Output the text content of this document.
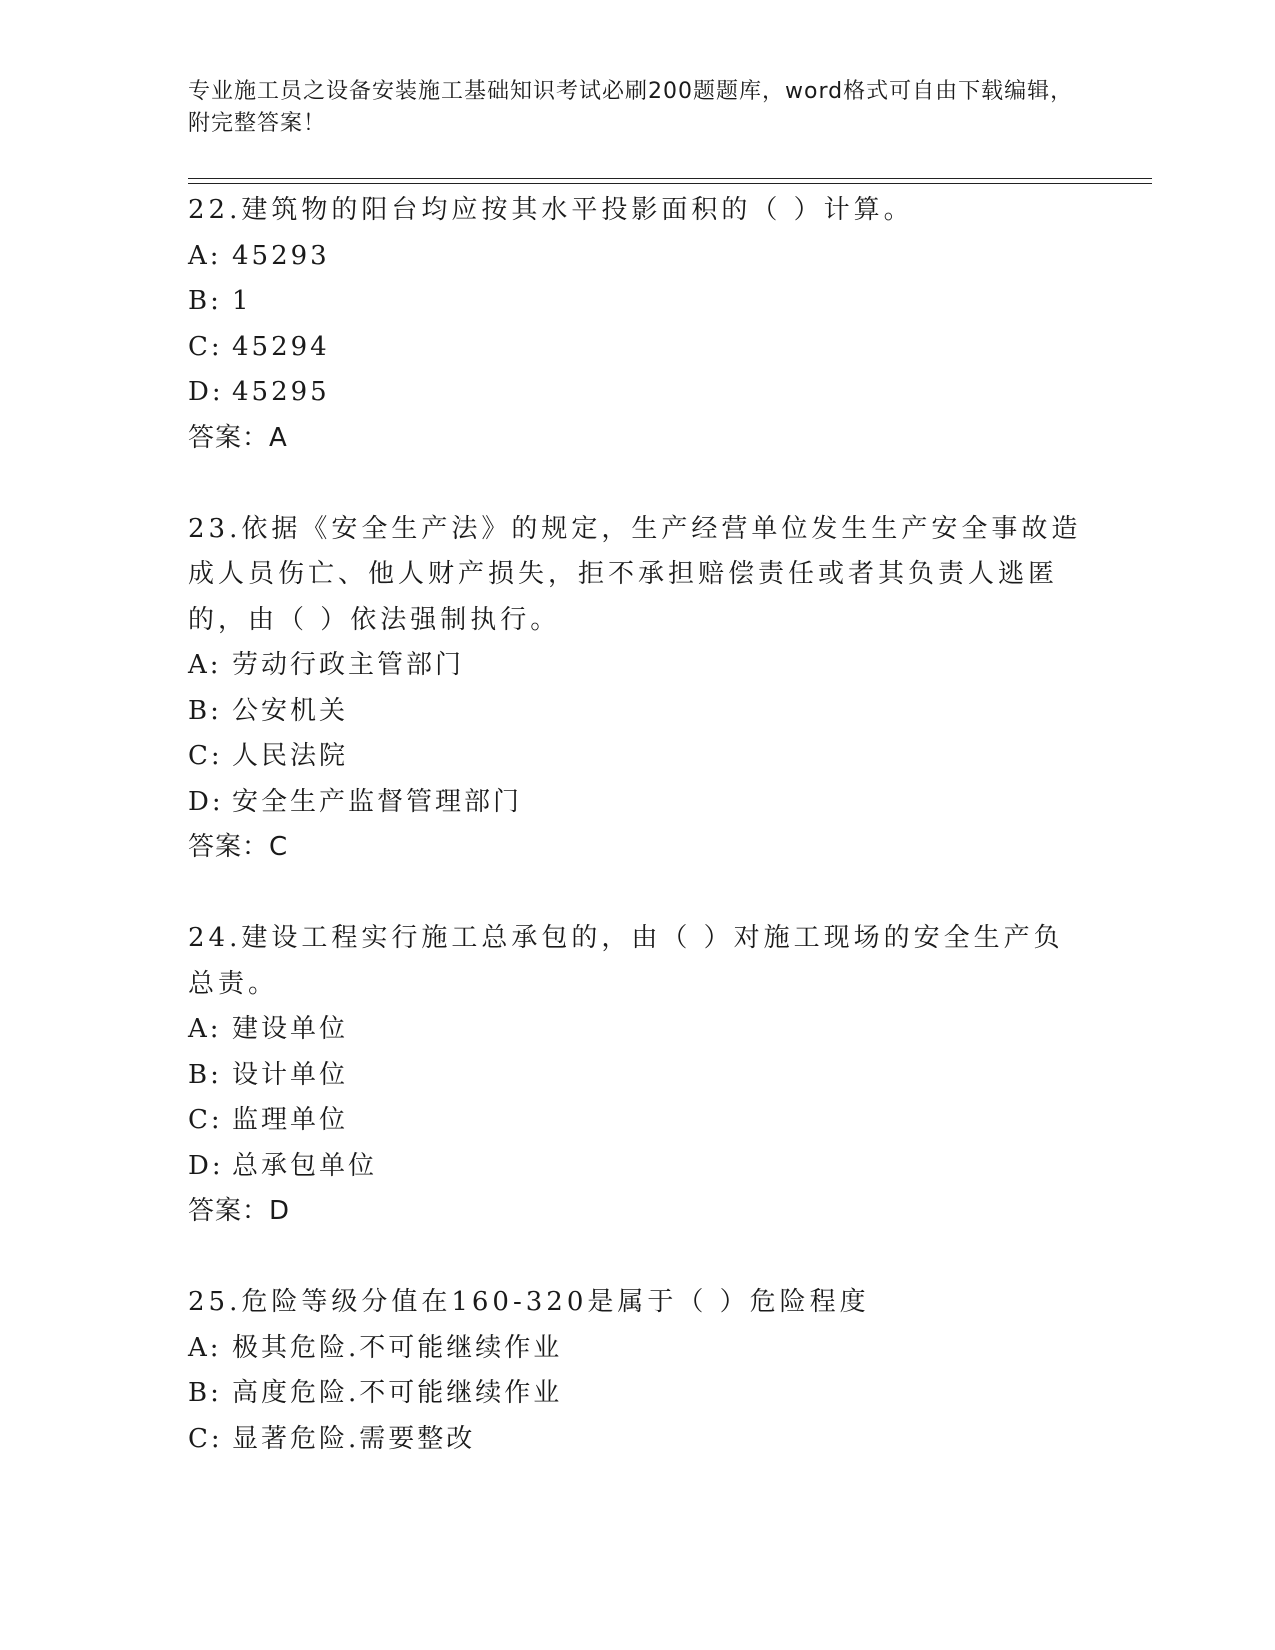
专业施工员之设备安装施工基础知识考试必刷200题题库，word格式可自由下载编辑，附完整答案！

22.建筑物的阳台均应按其水平投影面积的（ ）计算。

A: 45293
B: 1
C: 45294
D: 45295

答案：A

23.依据《安全生产法》的规定，生产经营单位发生生产安全事故造成人员伤亡、他人财产损失，拒不承担赔偿责任或者其负责人逃匿的，由（ ）依法强制执行。

A: 劳动行政主管部门
B: 公安机关
C: 人民法院
D: 安全生产监督管理部门

答案：C

24.建设工程实行施工总承包的，由（ ）对施工现场的安全生产负总责。

A: 建设单位
B: 设计单位
C: 监理单位
D: 总承包单位

答案：D

25.危险等级分值在160-320是属于（ ）危险程度

A: 极其危险.不可能继续作业
B: 高度危险.不可能继续作业
C: 显著危险.需要整改
